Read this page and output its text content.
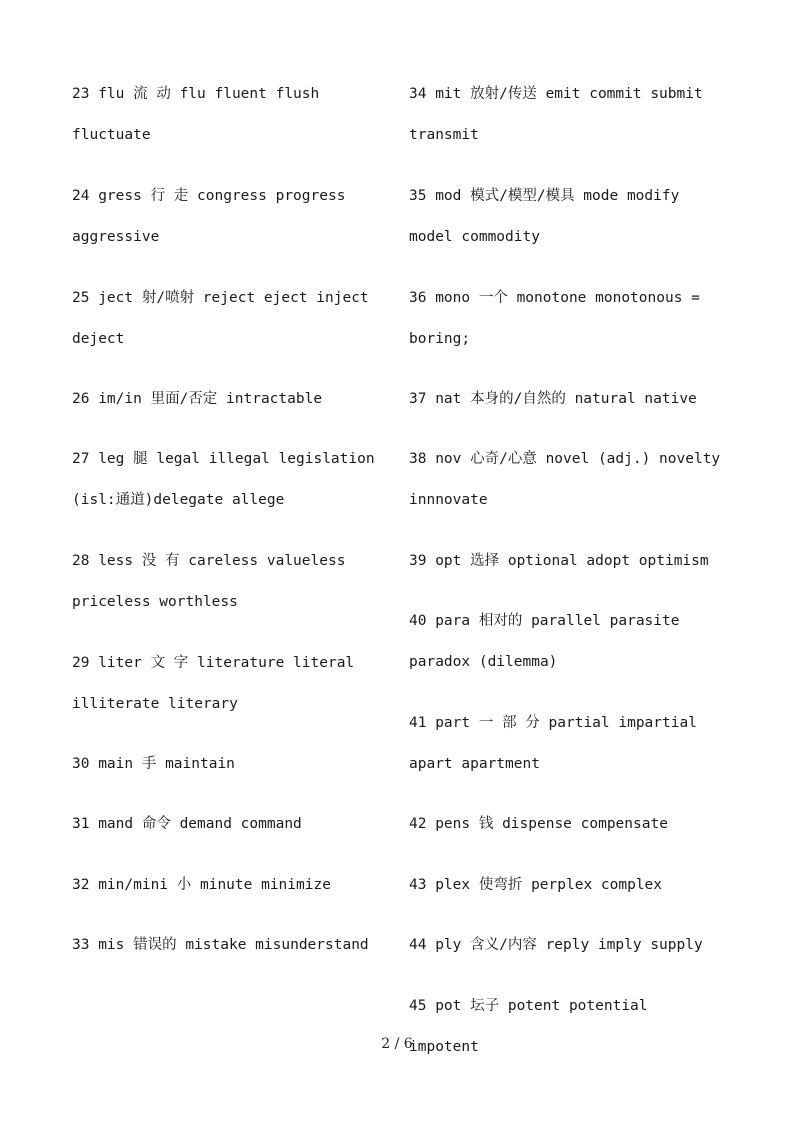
23 flu 流 动 flu fluent flush
fluctuate
24 gress 行 走 congress progress
aggressive
25 ject 射/喷射 reject eject inject
deject
26 im/in 里面/否定 intractable
27 leg 腿 legal illegal legislation
(isl:通道)delegate allege
28 less 没 有 careless valueless
priceless worthless
29 liter 文 字 literature literal
illiterate literary
30 main 手 maintain
31 mand 命令 demand command
32 min/mini 小 minute minimize
33 mis 错误的 mistake misunderstand
34 mit 放射/传送 emit commit submit
transmit
35 mod 模式/模型/模具 mode modify
model commodity
36 mono 一个 monotone monotonous =
boring;
37 nat 本身的/自然的 natural native
38 nov 心奇/心意 novel (adj.) novelty
innnovate
39 opt 选择 optional adopt optimism
40 para 相对的 parallel parasite
paradox (dilemma)
41 part 一 部 分 partial impartial
apart apartment
42 pens 钱 dispense compensate
43 plex 使弯折 perplex complex
44 ply 含义/内容 reply imply supply
45 pot 坛子 potent potential impotent
2 / 6
